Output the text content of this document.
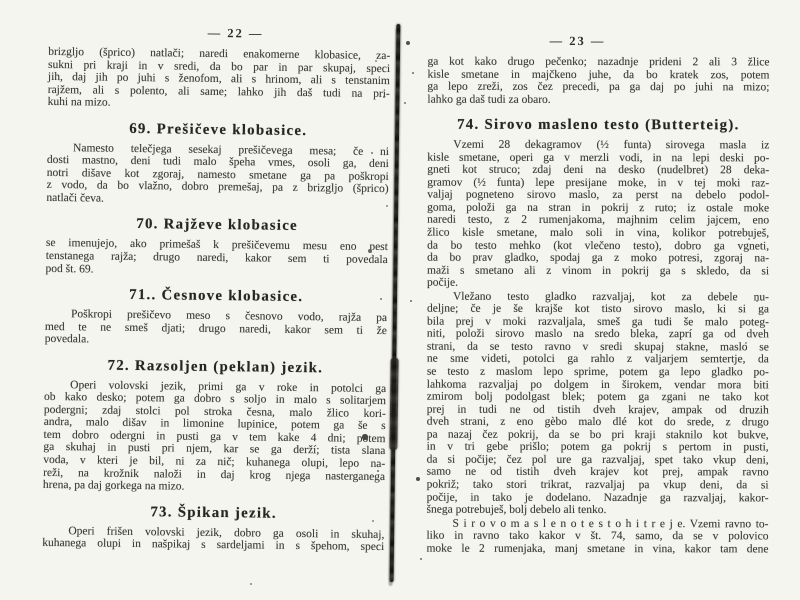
— 22 —
brizgljo (šprico) natlači; naredi enakomerne klobasice, za-
sukni pri kraji in v sredi, da bo par in par skupaj, speci
jih, daj jih po juhi s ženofom, ali s hrinom, ali s tenstanim
rajžem, ali s polento, ali same; lahko jih daš tudi na pri-
kuhi na mizo.
69. Prešičeve klobasice.
Namesto telečjega sesekaj prešičevega mesa; če ni
dosti mastno, deni tudi malo špeha vmes, osoli ga, deni
notri dišave kot zgoraj, namesto smetane ga pa poškropi
z vodo, da bo vlažno, dobro premešaj, pa z brizgljo (šprico)
natlači čeva.
70. Rajževe klobasice
se imenujejo, ako primešaš k prešičevemu mesu eno pest
tenstanega rajža; drugo naredi, kakor sem ti povedala
pod št. 69.
71.. Česnove klobasice.
Poškropi prešičevo meso s česnovo vodo, rajža pa
med te ne smeš djati; drugo naredi, kakor sem ti že
povedala.
72. Razsoljen (peklan) jezik.
Operi volovski jezik, primi ga v roke in potolci ga
ob kako desko; potem ga dobro s soljo in malo s solitarjem
podergni; zdaj stolci pol stroka česna, malo žlico kori-
andra, malo dišav in limonine lupinice, potem ga še s
tem dobro odergni in pusti ga v tem kake 4 dni; potem
ga skuhaj in pusti pri njem, kar se ga derží; tista slana
voda, v kteri je bil, ni za nič; kuhanega olupi, lepo na-
reži, na krožnik naloži in daj krog njega nasterganega
hrena, pa daj gorkega na mizo.
73. Špikan jezik.
Operi frišen volovski jezik, dobro ga osoli in skuhaj,
kuhanega olupi in našpikaj s sardeljami in s špehom, speci
— 23 —
ga kot kako drugo pečenko; nazadnje prideni 2 ali 3 žlice
kisle smetane in majčkeno juhe, da bo kratek zos, potem
ga lepo zreži, zos čez precedi, pa ga daj po juhi na mizo;
lahko ga daš tudi za obaro.
74. Sirovo masleno testo (Butterteig).
Vzemi 28 dekagramov (½ funta) sirovega masla iz
kisle smetane, operi ga v merzli vodi, in na lepi deski po-
gneti kot struco; zdaj deni na desko (nudelbret) 28 deka-
gramov (½ funta) lepe presijane moke, in v tej moki raz-
valjaj pogneteno sirovo maslo, za perst na debelo podol-
goma, položi ga na stran in pokrij z ruto; iz ostale moke
naredi testo, z 2 rumenjakoma, majhnim celim jajcem, eno
žlico kisle smetane, malo soli in vina, kolikor potrebuješ,
da bo testo mehko (kot vlečeno testo), dobro ga vgneti,
da bo prav gladko, spodaj ga z moko potresi, zgoraj na-
maži s smetano ali z vinom in pokrij ga s skledo, da si
počije.
Vležano testo gladko razvaljaj, kot za debele nu-
deljne; če je še krajše kot tisto sirovo maslo, ki si ga
bila prej v moki razvaljala, smeš ga tudi še malo poteg-
niti, položi sirovo maslo na sredo bleka, zaprí ga od dveh
strani, da se testo ravno v sredi skupaj stakne, maslo se
ne sme videti, potolci ga rahlo z valjarjem semtertje, da
se testo z maslom lepo sprime, potem ga lepo gladko po-
lahkoma razvaljaj po dolgem in širokem, vendar mora biti
zmirom bolj podolgast blek; potem ga zgani ne tako kot
prej in tudi ne od tistih dveh krajev, ampak od druzih
dveh strani, z eno gèbo malo dlé kot do srede, z drugo
pa nazaj čez pokrij, da se bo pri kraji staknilo kot bukve,
in v tri gebe prišlo; potem ga pokrij s pertom in pusti,
da si počije; čez pol ure ga razvaljaj, spet tako vkup deni,
samo ne od tistih dveh krajev kot prej, ampak ravno
pokriž; tako stori trikrat, razvaljaj pa vkup deni, da si
počije, in tako je dodelano. Nazadnje ga razvaljaj, kakor-
šnega potrebuješ, bolj debelo ali tenko.
S i r o v o m a s l e n o t e s t o h i t r e j e. Vzemi ravno to-
liko in ravno tako kakor v št. 74, samo, da se v polovico
moke le 2 rumenjaka, manj smetane in vina, kakor tam dene
